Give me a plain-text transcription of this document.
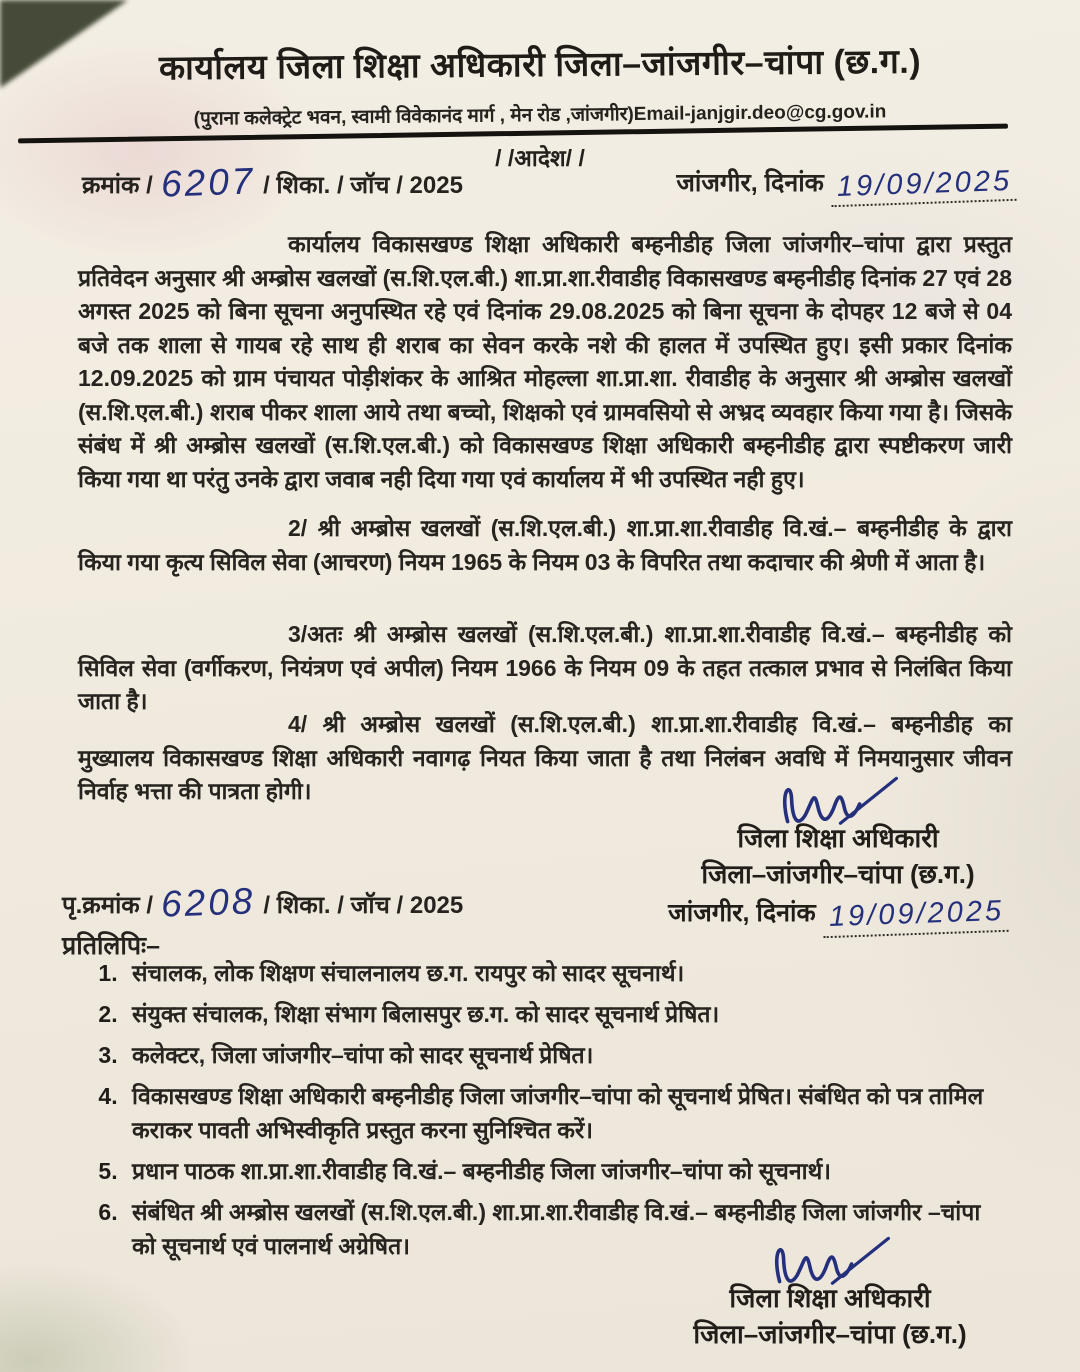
कार्यालय जिला शिक्षा अधिकारी जिला–जांजगीर–चांपा (छ.ग.)
(पुराना कलेक्ट्रेट भवन, स्वामी विवेकानंद मार्ग , मेन रोड ,जांजगीर)Email-janjgir.deo@cg.gov.in
/ /आदेश/ /
क्रमांक / 6207 / शिका. / जॉच / 2025	जांजगीर, दिनांक 19/09/2025
कार्यालय विकासखण्ड शिक्षा अधिकारी बम्हनीडीह जिला जांजगीर–चांपा द्वारा प्रस्तुत प्रतिवेदन अनुसार श्री अम्ब्रोस खलखों (स.शि.एल.बी.) शा.प्रा.शा.रीवाडीह विकासखण्ड बम्हनीडीह दिनांक 27 एवं 28 अगस्त 2025 को बिना सूचना अनुपस्थित रहे एवं दिनांक 29.08.2025 को बिना सूचना के दोपहर 12 बजे से 04 बजे तक शाला से गायब रहे साथ ही शराब का सेवन करके नशे की हालत में उपस्थित हुए। इसी प्रकार दिनांक 12.09.2025 को ग्राम पंचायत पोड़ीशंकर के आश्रित मोहल्ला शा.प्रा.शा. रीवाडीह के अनुसार श्री अम्ब्रोस खलखों (स.शि.एल.बी.) शराब पीकर शाला आये तथा बच्चो, शिक्षको एवं ग्रामवसियो से अभ्रद व्यवहार किया गया है। जिसके संबंध में श्री अम्ब्रोस खलखों (स.शि.एल.बी.) को विकासखण्ड शिक्षा अधिकारी बम्हनीडीह द्वारा स्पष्टीकरण जारी किया गया था परंतु उनके द्वारा जवाब नही दिया गया एवं कार्यालय में भी उपस्थित नही हुए।
2/ श्री अम्ब्रोस खलखों (स.शि.एल.बी.) शा.प्रा.शा.रीवाडीह वि.खं.– बम्हनीडीह के द्वारा किया गया कृत्य सिविल सेवा (आचरण) नियम 1965 के नियम 03 के विपरित तथा कदाचार की श्रेणी में आता है।
3/अतः श्री अम्ब्रोस खलखों (स.शि.एल.बी.) शा.प्रा.शा.रीवाडीह वि.खं.– बम्हनीडीह को सिविल सेवा (वर्गीकरण, नियंत्रण एवं अपील) नियम 1966 के नियम 09 के तहत तत्काल प्रभाव से निलंबित किया जाता है।
4/ श्री अम्ब्रोस खलखों (स.शि.एल.बी.) शा.प्रा.शा.रीवाडीह वि.खं.– बम्हनीडीह का मुख्यालय विकासखण्ड शिक्षा अधिकारी नवागढ़ नियत किया जाता है तथा निलंबन अवधि में निमयानुसार जीवन निर्वाह भत्ता की पात्रता होगी।
जिला शिक्षा अधिकारी
जिला–जांजगीर–चांपा (छ.ग.)
जांजगीर, दिनांक 19/09/2025
पृ.क्रमांक / 6208 / शिका. / जॉच / 2025
प्रतिलिपिः–
1. संचालक, लोक शिक्षण संचालनालय छ.ग. रायपुर को सादर सूचनार्थ।
2. संयुक्त संचालक, शिक्षा संभाग बिलासपुर छ.ग. को सादर सूचनार्थ प्रेषित।
3. कलेक्टर, जिला जांजगीर–चांपा को सादर सूचनार्थ प्रेषित।
4. विकासखण्ड शिक्षा अधिकारी बम्हनीडीह जिला जांजगीर–चांपा को सूचनार्थ प्रेषित। संबंधित को पत्र तामिल कराकर पावती अभिस्वीकृति प्रस्तुत करना सुनिश्चित करें।
5. प्रधान पाठक शा.प्रा.शा.रीवाडीह वि.खं.– बम्हनीडीह जिला जांजगीर–चांपा को सूचनार्थ।
6. संबंधित श्री अम्ब्रोस खलखों (स.शि.एल.बी.) शा.प्रा.शा.रीवाडीह वि.खं.– बम्हनीडीह जिला जांजगीर –चांपा को सूचनार्थ एवं पालनार्थ अग्रेषित।
जिला शिक्षा अधिकारी
जिला–जांजगीर–चांपा (छ.ग.)
